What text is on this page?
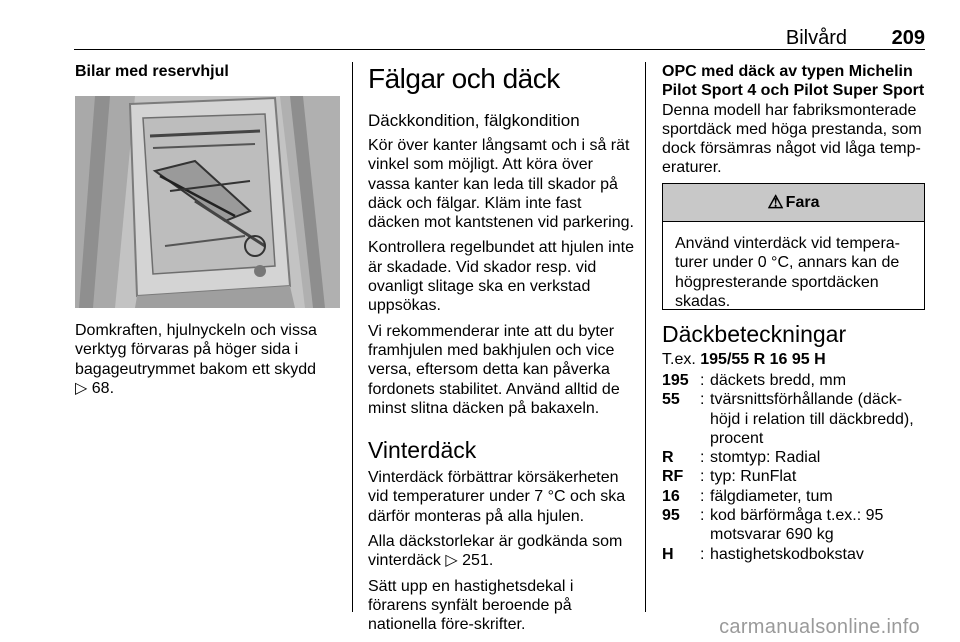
Bilvård 209
Bilar med reservhjul
Domkraften, hjulnyckeln och vissa verktyg förvaras på höger sida i bagageutrymmet bakom ett skydd
▷ 68.
Fälgar och däck
Däckkondition, fälgkondition

Kör över kanter långsamt och i så rät vinkel som möjligt. Att köra över vassa kanter kan leda till skador på däck och fälgar. Kläm inte fast däcken mot kantstenen vid parkering.

Kontrollera regelbundet att hjulen inte är skadade. Vid skador resp. vid ovanligt slitage ska en verkstad uppsökas.

Vi rekommenderar inte att du byter framhjulen med bakhjulen och vice versa, eftersom detta kan påverka fordonets stabilitet. Använd alltid de minst slitna däcken på bakaxeln.

Vinterdäck

Vinterdäck förbättrar körsäkerheten vid temperaturer under 7 °C och ska därför monteras på alla hjulen.

Alla däckstorlekar är godkända som vinterdäck ▷ 251.

Sätt upp en hastighetsdekal i förarens synfält beroende på nationella före-skrifter.

OPC med däck av typen Michelin Pilot Sport 4 och Pilot Super Sport

Denna modell har fabriksmonterade sportdäck med höga prestanda, som dock försämras något vid låga temp-eraturer.

⚠ Fara
Använd vinterdäck vid tempera-turer under 0 °C, annars kan de högpresterande sportdäcken skadas.
Däckbeteckningar

T.ex. 195/55 R 16 95 H

195 : däckets bredd, mm
55	: tvärsnittsförhållande (däck-höjd i relation till däckbredd), procent
R	: stomtyp: Radial
RF	: typ: RunFlat
16	: fälgdiameter, tum
95	: kod bärförmåga t.ex.: 95 motsvarar 690 kg
H	: hastighetskodbokstav
carmanualsonline.info
